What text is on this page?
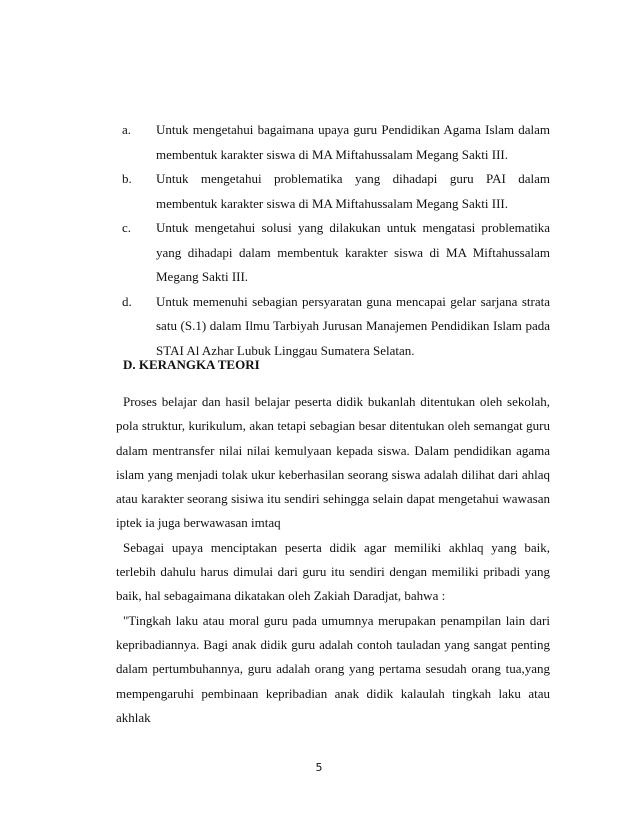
a.	Untuk mengetahui bagaimana upaya guru Pendidikan Agama Islam dalam membentuk karakter siswa di MA Miftahussalam Megang Sakti III.
b.	Untuk mengetahui problematika yang dihadapi guru PAI dalam membentuk karakter siswa di MA Miftahussalam Megang Sakti III.
c.	Untuk mengetahui solusi yang dilakukan untuk mengatasi problematika yang dihadapi dalam membentuk karakter siswa di MA Miftahussalam Megang Sakti III.
d.	Untuk memenuhi sebagian persyaratan guna mencapai gelar sarjana strata satu (S.1) dalam Ilmu Tarbiyah Jurusan Manajemen Pendidikan Islam pada STAI Al Azhar Lubuk Linggau Sumatera Selatan.
D. KERANGKA TEORI

Proses belajar dan hasil belajar peserta didik bukanlah ditentukan oleh sekolah, pola struktur, kurikulum, akan tetapi sebagian besar ditentukan oleh semangat guru dalam mentransfer nilai nilai kemulyaan kepada siswa. Dalam pendidikan agama islam yang menjadi tolak ukur keberhasilan seorang siswa adalah dilihat dari ahlaq atau karakter seorang sisiwa itu sendiri sehingga selain dapat mengetahui wawasan iptek ia juga berwawasan imtaq

Sebagai upaya menciptakan peserta didik agar memiliki akhlaq yang baik, terlebih dahulu harus dimulai dari guru itu sendiri dengan memiliki pribadi yang baik, hal sebagaimana dikatakan oleh Zakiah Daradjat, bahwa :

"Tingkah laku atau moral guru pada umumnya merupakan penampilan lain dari kepribadiannya. Bagi anak didik guru adalah contoh tauladan yang sangat penting dalam pertumbuhannya, guru adalah orang yang pertama sesudah orang tua,yang mempengaruhi pembinaan kepribadian anak didik kalaulah tingkah laku atau akhlak

5
